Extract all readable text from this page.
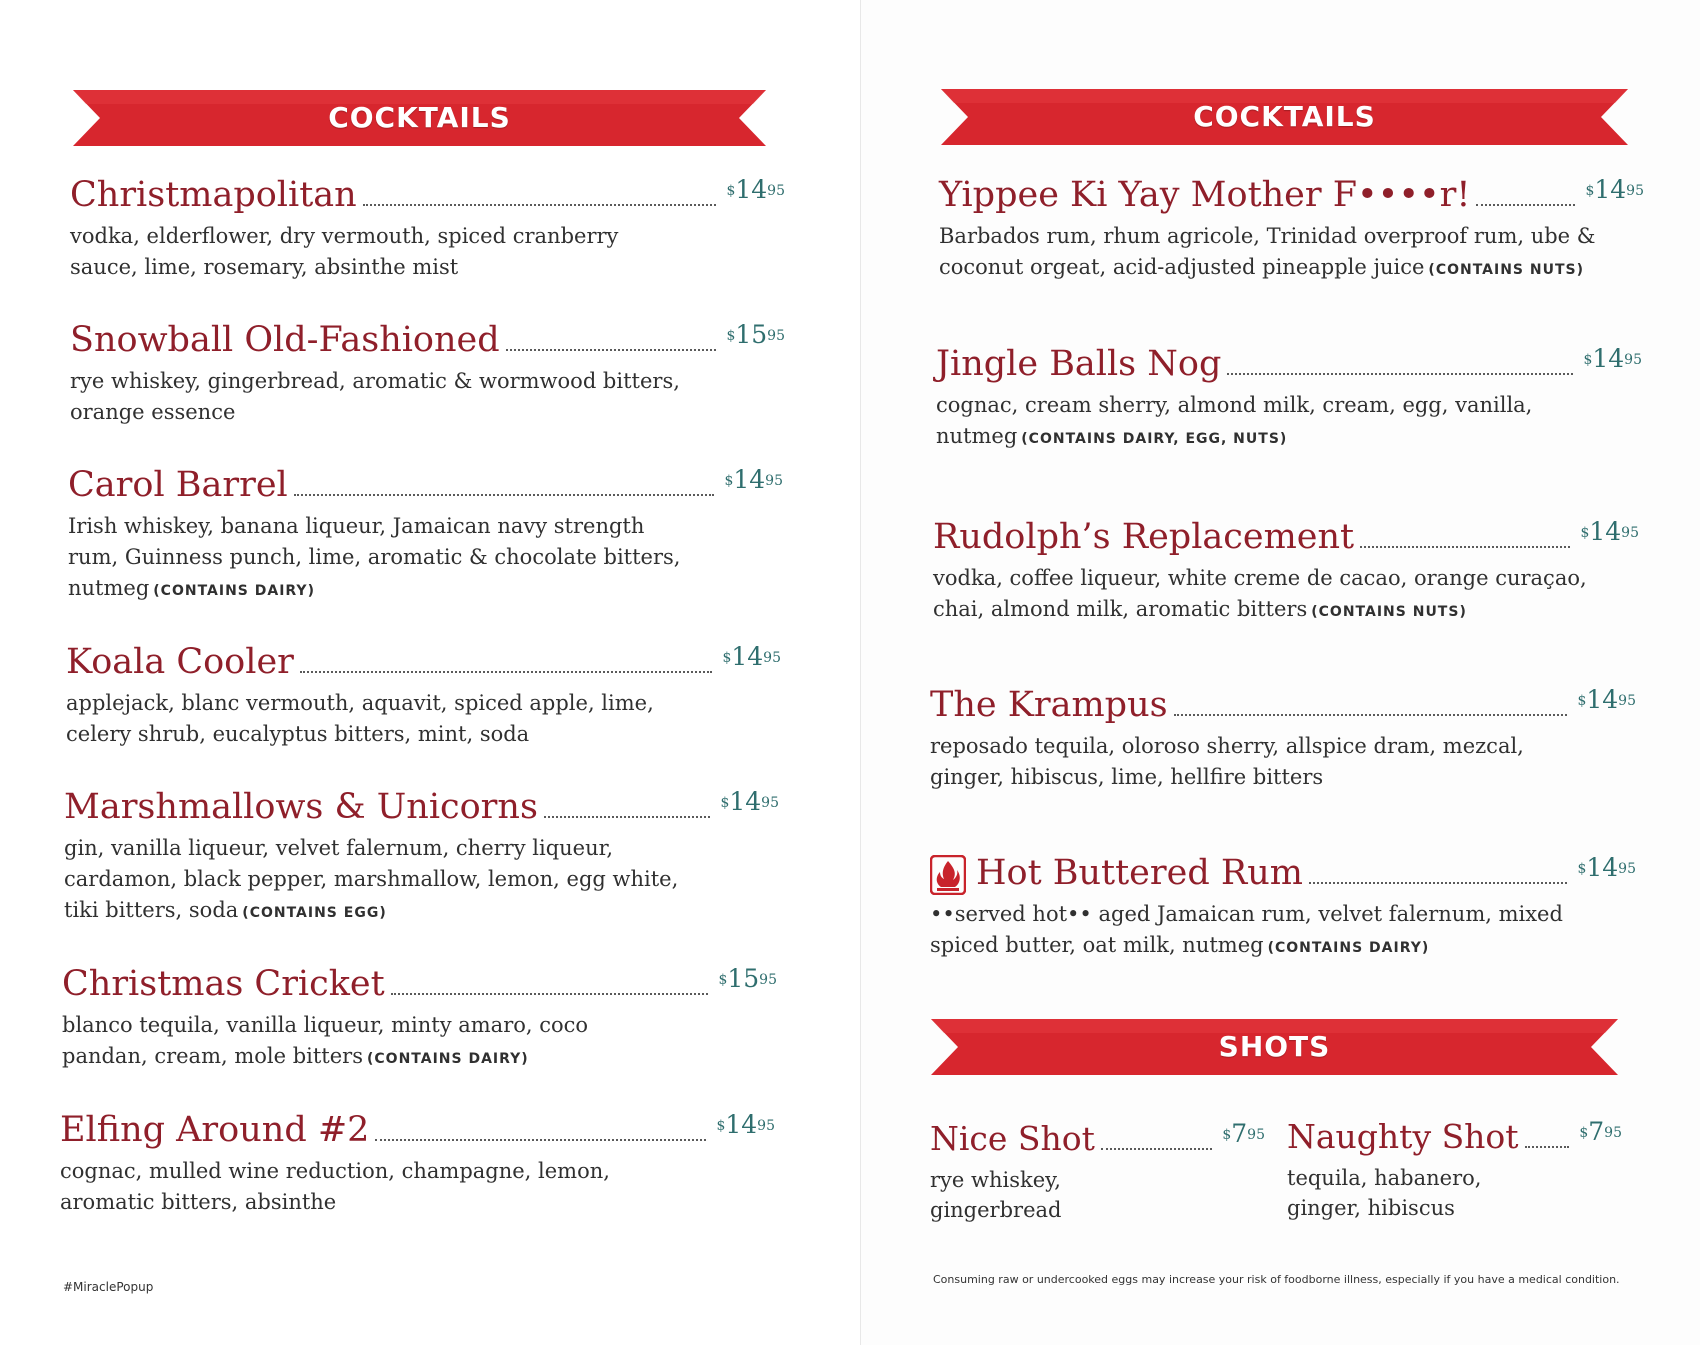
COCKTAILS
Christmapolitan	$^{\$}14^{95}$
vodka, elderflower, dry vermouth, spiced cranberry sauce, lime, rosemary, absinthe mist
Snowball Old-Fashioned	$^{\$}15^{95}$
rye whiskey, gingerbread, aromatic & wormwood bitters, orange essence
Carol Barrel	$^{\$}14^{95}$
Irish whiskey, banana liqueur, Jamaican navy strength rum, Guinness punch, lime, aromatic & chocolate bitters, nutmeg (CONTAINS DAIRY)
Koala Cooler	$^{\$}14^{95}$
applejack, blanc vermouth, aquavit, spiced apple, lime, celery shrub, eucalyptus bitters, mint, soda
Marshmallows & Unicorns	$^{\$}14^{95}$
gin, vanilla liqueur, velvet falernum, cherry liqueur, cardamon, black pepper, marshmallow, lemon, egg white, tiki bitters, soda (CONTAINS EGG)
Christmas Cricket	$^{\$}15^{95}$
blanco tequila, vanilla liqueur, minty amaro, coco pandan, cream, mole bitters (CONTAINS DAIRY)
Elfing Around #2	$^{\$}14^{95}$
cognac, mulled wine reduction, champagne, lemon, aromatic bitters, absinthe
#MiraclePopup
COCKTAILS
Yippee Ki Yay Mother F••••r!	$^{\$}14^{95}$
Barbados rum, rhum agricole, Trinidad overproof rum, ube & coconut orgeat, acid-adjusted pineapple juice (CONTAINS NUTS)
Jingle Balls Nog	$^{\$}14^{95}$
cognac, cream sherry, almond milk, cream, egg, vanilla, nutmeg (CONTAINS DAIRY, EGG, NUTS)
Rudolph’s Replacement	$^{\$}14^{95}$
vodka, coffee liqueur, white creme de cacao, orange curaçao, chai, almond milk, aromatic bitters (CONTAINS NUTS)
The Krampus	$^{\$}14^{95}$
reposado tequila, oloroso sherry, allspice dram, mezcal, ginger, hibiscus, lime, hellfire bitters
Hot Buttered Rum	$^{\$}14^{95}$
••served hot•• aged Jamaican rum, velvet falernum, mixed spiced butter, oat milk, nutmeg (CONTAINS DAIRY)
SHOTS
Nice Shot	$^{\$}7^{95}$
rye whiskey, gingerbread
Naughty Shot	$^{\$}7^{95}$
tequila, habanero, ginger, hibiscus
Consuming raw or undercooked eggs may increase your risk of foodborne illness, especially if you have a medical condition.
